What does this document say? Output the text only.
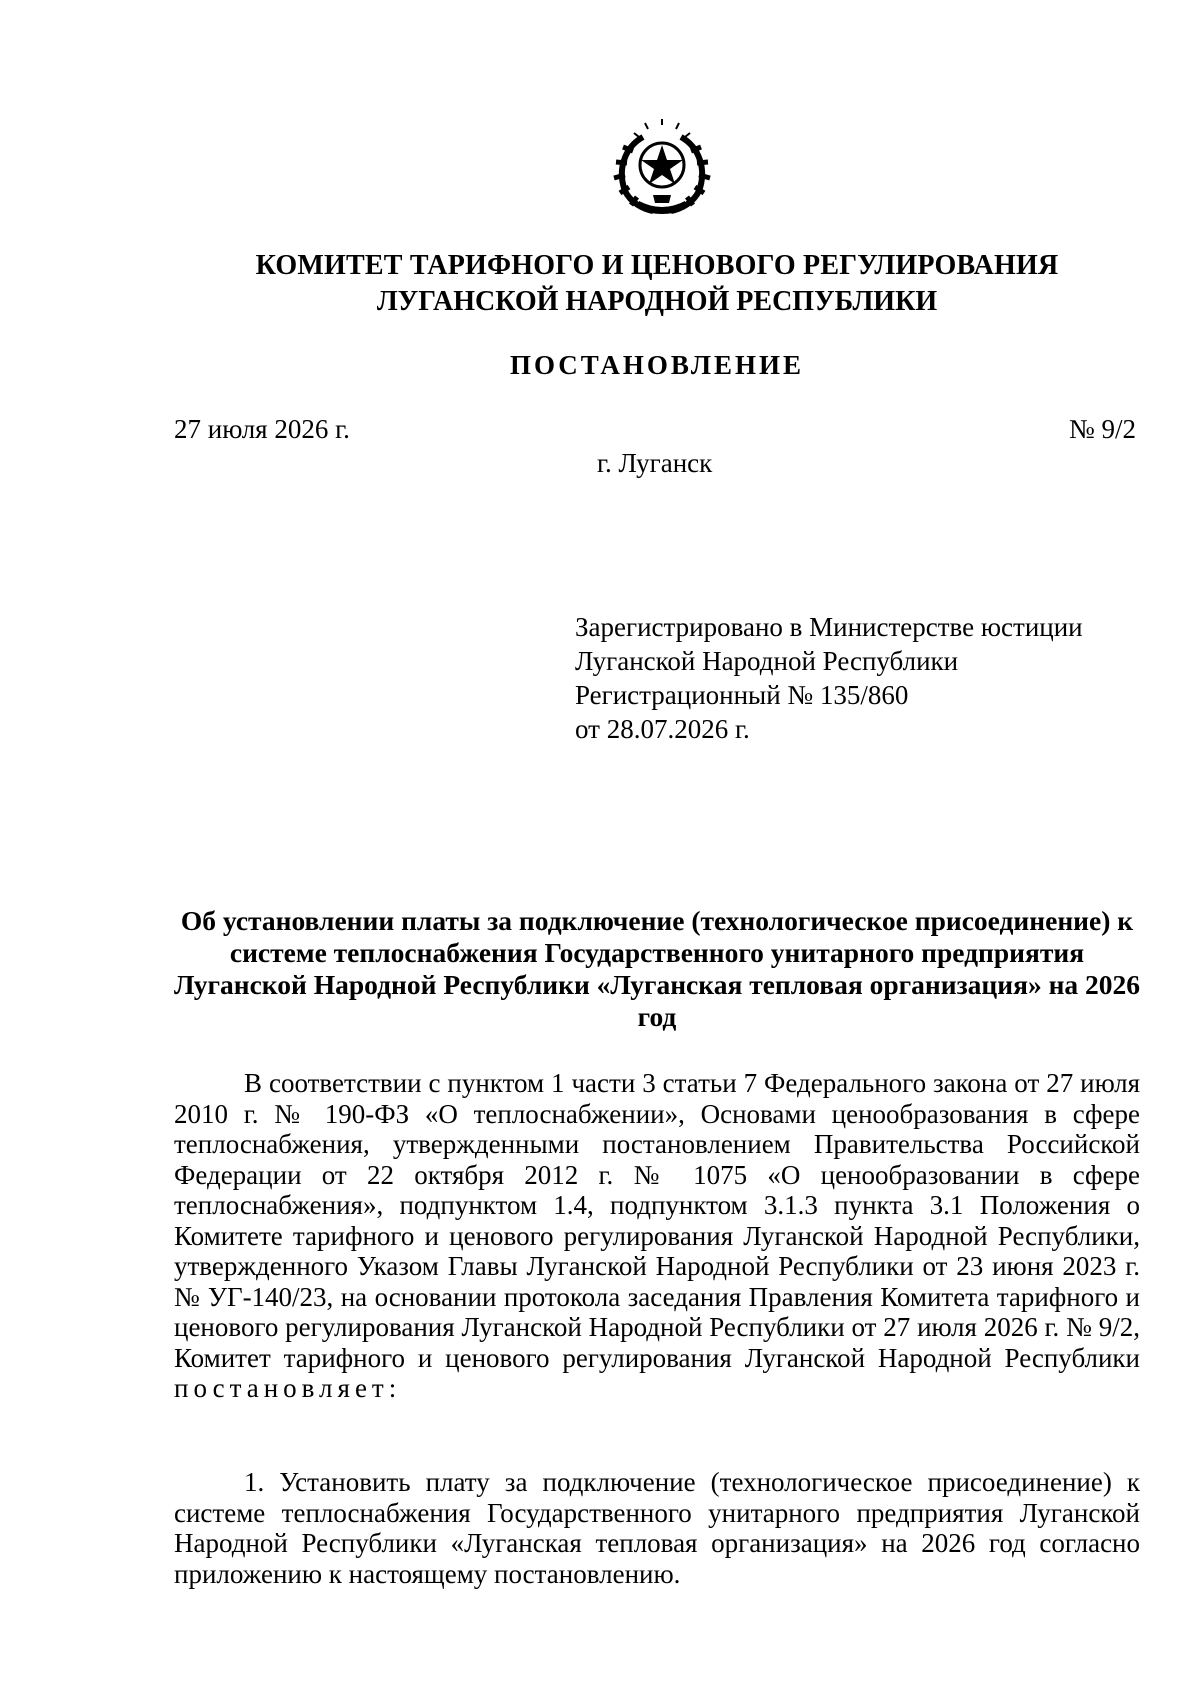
КОМИТЕТ ТАРИФНОГО И ЦЕНОВОГО РЕГУЛИРОВАНИЯ
ЛУГАНСКОЙ НАРОДНОЙ РЕСПУБЛИКИ
ПОСТАНОВЛЕНИЕ
27 июля 2026 г.	№ 9/2
г. Луганск
Зарегистрировано в Министерстве юстиции
Луганской Народной Республики
Регистрационный № 135/860
от 28.07.2026 г.
Об установлении платы за подключение (технологическое присоединение) к системе теплоснабжения Государственного унитарного предприятия Луганской Народной Республики «Луганская тепловая организация» на 2026 год
В соответствии с пунктом 1 части 3 статьи 7 Федерального закона от 27 июля 2010 г. № 190-ФЗ «О теплоснабжении», Основами ценообразования в сфере теплоснабжения, утвержденными постановлением Правительства Российской Федерации от 22 октября 2012 г. № 1075 «О ценообразовании в сфере теплоснабжения», подпунктом 1.4, подпунктом 3.1.3 пункта 3.1 Положения о Комитете тарифного и ценового регулирования Луганской Народной Республики, утвержденного Указом Главы Луганской Народной Республики от 23 июня 2023 г. № УГ-140/23, на основании протокола заседания Правления Комитета тарифного и ценового регулирования Луганской Народной Республики от 27 июля 2026 г. № 9/2, Комитет тарифного и ценового регулирования Луганской Народной Республики постановляет:
1. Установить плату за подключение (технологическое присоединение) к системе теплоснабжения Государственного унитарного предприятия Луганской Народной Республики «Луганская тепловая организация» на 2026 год согласно приложению к настоящему постановлению.
